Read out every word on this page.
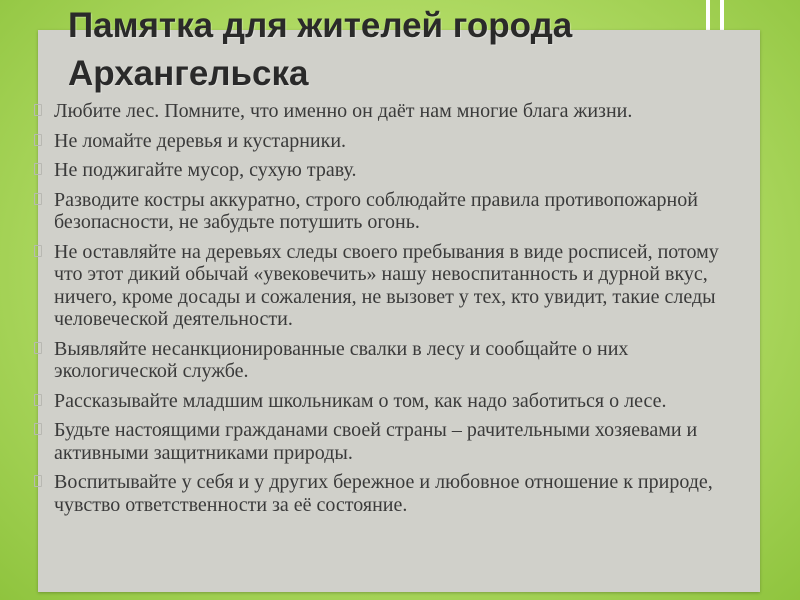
Памятка для жителей города Архангельска
Любите лес. Помните, что именно он даёт нам многие блага жизни.
Не ломайте деревья и кустарники.
Не поджигайте мусор, сухую траву.
Разводите костры аккуратно, строго соблюдайте правила противопожарной безопасности, не забудьте потушить огонь.
Не оставляйте на деревьях следы своего пребывания в виде росписей, потому что этот дикий обычай «увековечить» нашу невоспитанность и дурной вкус, ничего, кроме досады и сожаления, не вызовет у тех, кто увидит, такие следы человеческой деятельности.
Выявляйте несанкционированные свалки в лесу и сообщайте о них экологической службе.
Рассказывайте младшим школьникам о том, как надо заботиться о лесе.
Будьте настоящими гражданами своей страны – рачительными хозяевами и активными защитниками природы.
Воспитывайте у себя и у других бережное и любовное отношение к природе, чувство ответственности за её состояние.
